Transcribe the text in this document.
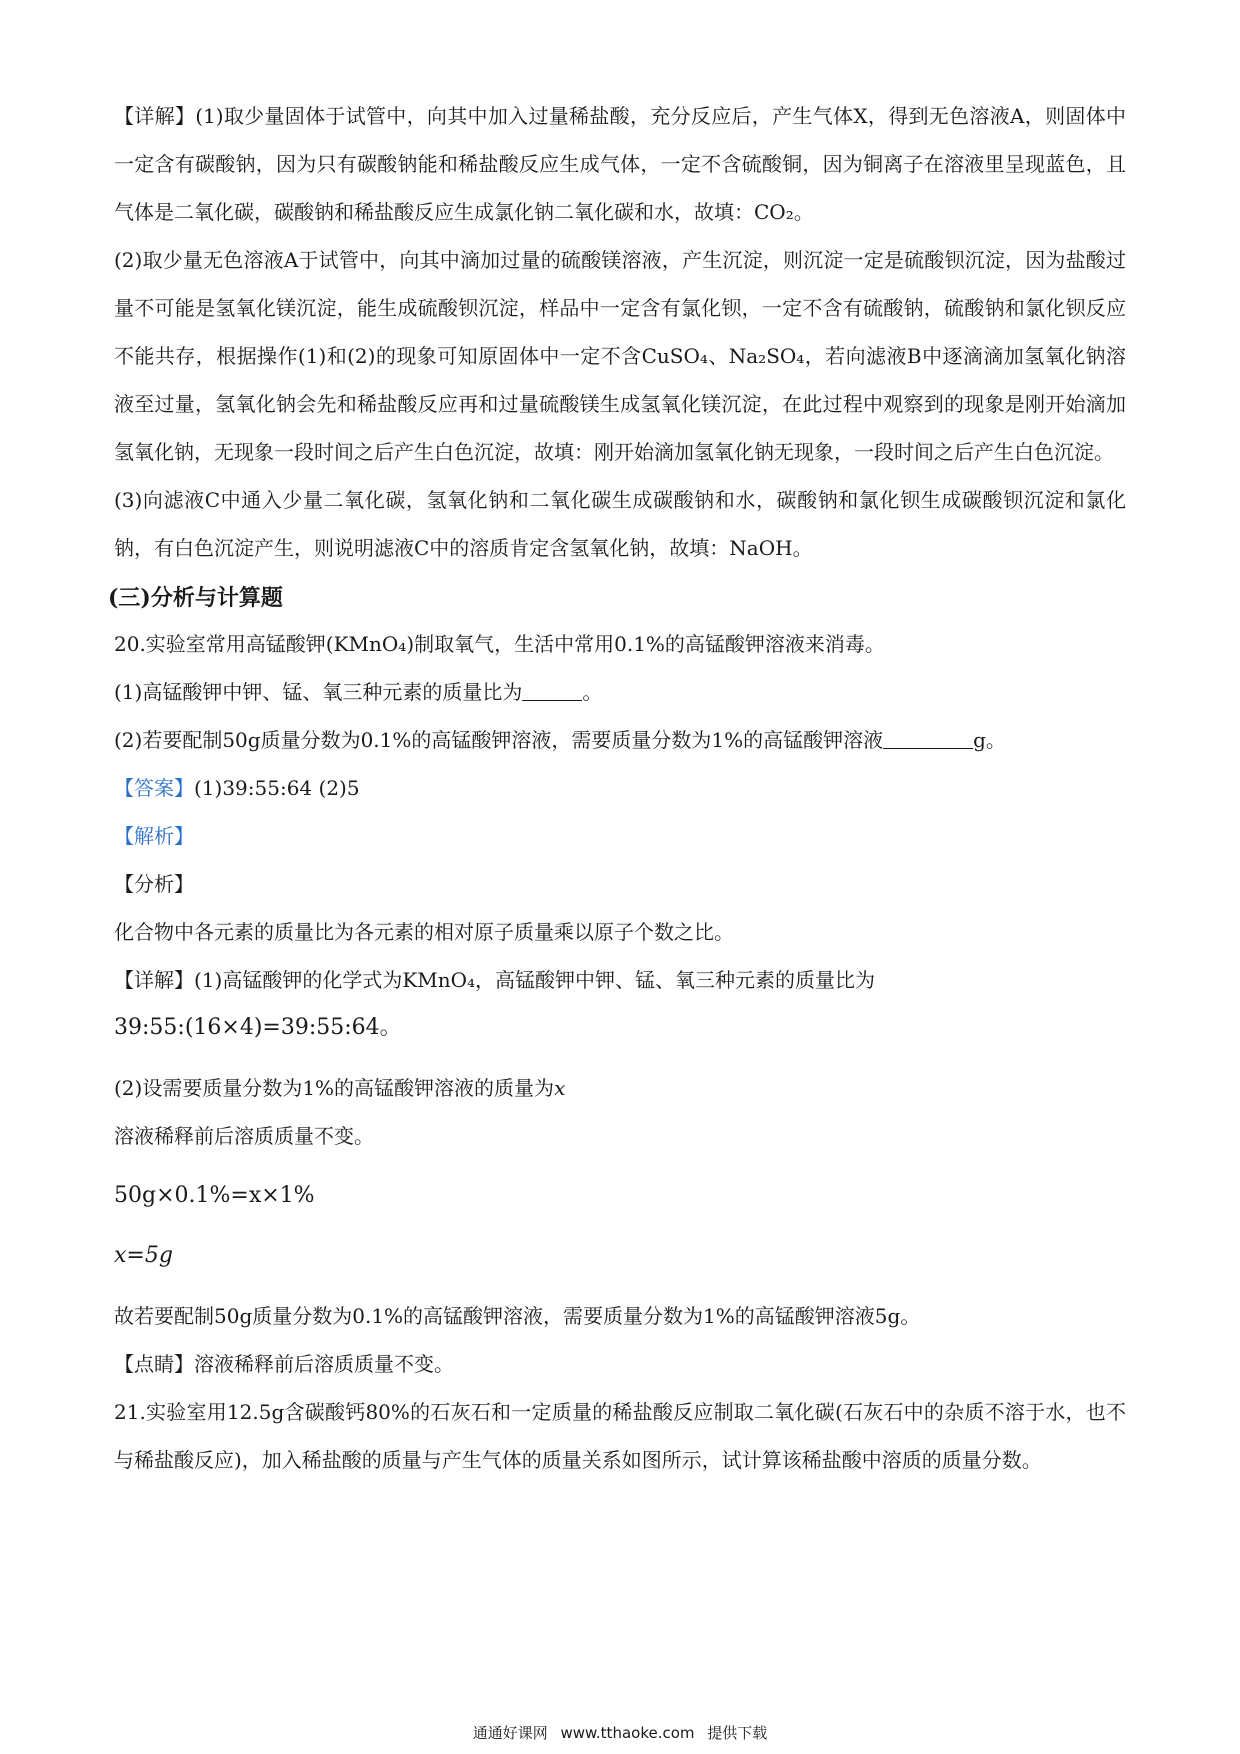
【详解】(1)取少量固体于试管中，向其中加入过量稀盐酸，充分反应后，产生气体X，得到无色溶液A，则固体中一定含有碳酸钠，因为只有碳酸钠能和稀盐酸反应生成气体，一定不含硫酸铜，因为铜离子在溶液里呈现蓝色，且气体是二氧化碳，碳酸钠和稀盐酸反应生成氯化钠二氧化碳和水，故填：CO₂。

(2)取少量无色溶液A于试管中，向其中滴加过量的硫酸镁溶液，产生沉淀，则沉淀一定是硫酸钡沉淀，因为盐酸过量不可能是氢氧化镁沉淀，能生成硫酸钡沉淀，样品中一定含有氯化钡，一定不含有硫酸钠，硫酸钠和氯化钡反应不能共存，根据操作(1)和(2)的现象可知原固体中一定不含CuSO₄、Na₂SO₄，若向滤液B中逐滴滴加氢氧化钠溶液至过量，氢氧化钠会先和稀盐酸反应再和过量硫酸镁生成氢氧化镁沉淀，在此过程中观察到的现象是刚开始滴加氢氧化钠，无现象一段时间之后产生白色沉淀，故填：刚开始滴加氢氧化钠无现象，一段时间之后产生白色沉淀。

(3)向滤液C中通入少量二氧化碳，氢氧化钠和二氧化碳生成碳酸钠和水，碳酸钠和氯化钡生成碳酸钡沉淀和氯化钠，有白色沉淀产生，则说明滤液C中的溶质肯定含氢氧化钠，故填：NaOH。

(三)分析与计算题

20.实验室常用高锰酸钾(KMnO₄)制取氧气，生活中常用0.1%的高锰酸钾溶液来消毒。

(1)高锰酸钾中钾、锰、氧三种元素的质量比为	。

(2)若要配制50g质量分数为0.1%的高锰酸钾溶液，需要质量分数为1%的高锰酸钾溶液	g。

【答案】(1)39:55:64 (2)5

【解析】

【分析】

化合物中各元素的质量比为各元素的相对原子质量乘以原子个数之比。

【详解】(1)高锰酸钾的化学式为KMnO₄，高锰酸钾中钾、锰、氧三种元素的质量比为

39:55:(16×4)=39:55:64。

(2)设需要质量分数为1%的高锰酸钾溶液的质量为x

溶液稀释前后溶质质量不变。

50g×0.1%=x×1%

x=5g

故若要配制50g质量分数为0.1%的高锰酸钾溶液，需要质量分数为1%的高锰酸钾溶液5g。

【点睛】溶液稀释前后溶质质量不变。

21.实验室用12.5g含碳酸钙80%的石灰石和一定质量的稀盐酸反应制取二氧化碳(石灰石中的杂质不溶于水，也不与稀盐酸反应)，加入稀盐酸的质量与产生气体的质量关系如图所示，试计算该稀盐酸中溶质的质量分数。

通通好课网 www.tthaoke.com 提供下载
